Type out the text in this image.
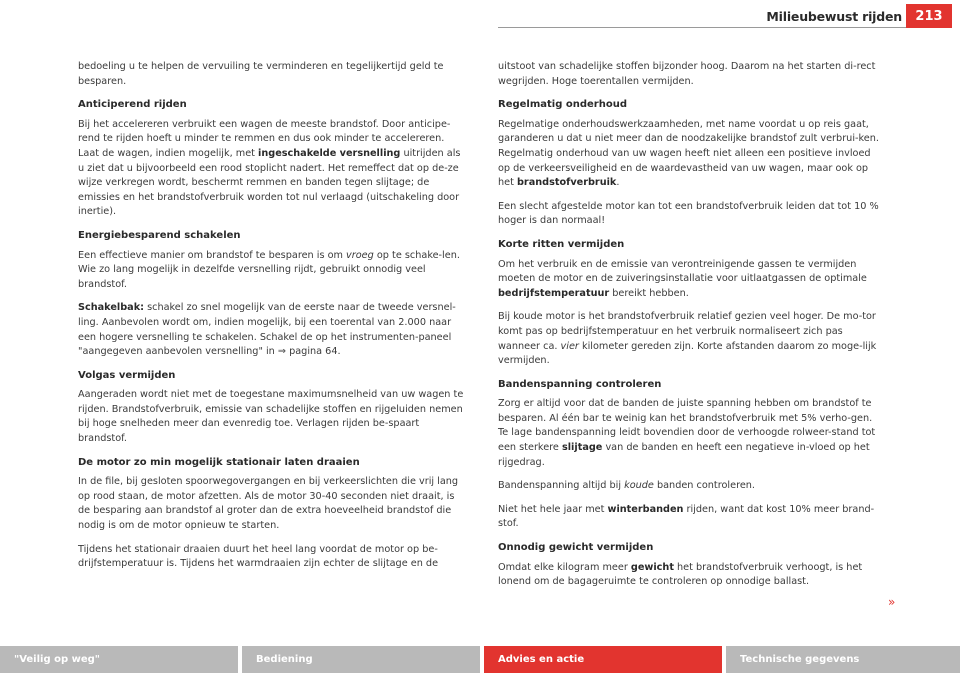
Milieubewust rijden	213

bedoeling u te helpen de vervuiling te verminderen en tegelijkertijd geld te besparen.

Anticiperend rijden

Bij het accelereren verbruikt een wagen de meeste brandstof. Door anticipe-rend te rijden hoeft u minder te remmen en dus ook minder te accelereren. Laat de wagen, indien mogelijk, met ingeschakelde versnelling uitrijden als u ziet dat u bijvoorbeeld een rood stoplicht nadert. Het remeffect dat op de-ze wijze verkregen wordt, beschermt remmen en banden tegen slijtage; de emissies en het brandstofverbruik worden tot nul verlaagd (uitschakeling door inertie).

Energiebesparend schakelen

Een effectieve manier om brandstof te besparen is om vroeg op te schake-len. Wie zo lang mogelijk in dezelfde versnelling rijdt, gebruikt onnodig veel brandstof.

Schakelbak: schakel zo snel mogelijk van de eerste naar de tweede versnel-ling. Aanbevolen wordt om, indien mogelijk, bij een toerental van 2.000 naar een hogere versnelling te schakelen. Schakel de op het instrumenten-paneel "aangegeven aanbevolen versnelling" in ⇒ pagina 64.

Volgas vermijden

Aangeraden wordt niet met de toegestane maximumsnelheid van uw wagen te rijden. Brandstofverbruik, emissie van schadelijke stoffen en rijgeluiden nemen bij hoge snelheden meer dan evenredig toe. Verlagen rijden be-spaart brandstof.

De motor zo min mogelijk stationair laten draaien

In de file, bij gesloten spoorwegovergangen en bij verkeerslichten die vrij lang op rood staan, de motor afzetten. Als de motor 30-40 seconden niet draait, is de besparing aan brandstof al groter dan de extra hoeveelheid brandstof die nodig is om de motor opnieuw te starten.

Tijdens het stationair draaien duurt het heel lang voordat de motor op be-drijfstemperatuur is. Tijdens het warmdraaien zijn echter de slijtage en de

uitstoot van schadelijke stoffen bijzonder hoog. Daarom na het starten di-rect wegrijden. Hoge toerentallen vermijden.

Regelmatig onderhoud

Regelmatige onderhoudswerkzaamheden, met name voordat u op reis gaat, garanderen u dat u niet meer dan de noodzakelijke brandstof zult verbrui-ken. Regelmatig onderhoud van uw wagen heeft niet alleen een positieve invloed op de verkeersveiligheid en de waardevastheid van uw wagen, maar ook op het brandstofverbruik.

Een slecht afgestelde motor kan tot een brandstofverbruik leiden dat tot 10 % hoger is dan normaal!

Korte ritten vermijden

Om het verbruik en de emissie van verontreinigende gassen te vermijden moeten de motor en de zuiveringsinstallatie voor uitlaatgassen de optimale bedrijfstemperatuur bereikt hebben.

Bij koude motor is het brandstofverbruik relatief gezien veel hoger. De mo-tor komt pas op bedrijfstemperatuur en het verbruik normaliseert zich pas wanneer ca. vier kilometer gereden zijn. Korte afstanden daarom zo moge-lijk vermijden.

Bandenspanning controleren

Zorg er altijd voor dat de banden de juiste spanning hebben om brandstof te besparen. Al één bar te weinig kan het brandstofverbruik met 5% verho-gen. Te lage bandenspanning leidt bovendien door de verhoogde rolweer-stand tot een sterkere slijtage van de banden en heeft een negatieve in-vloed op het rijgedrag.

Bandenspanning altijd bij koude banden controleren.

Niet het hele jaar met winterbanden rijden, want dat kost 10% meer brand-stof.

Onnodig gewicht vermijden

Omdat elke kilogram meer gewicht het brandstofverbruik verhoogt, is het lonend om de bagageruimte te controleren op onnodige ballast.

»
"Veilig op weg"	Bediening	Advies en actie	Technische gegevens
